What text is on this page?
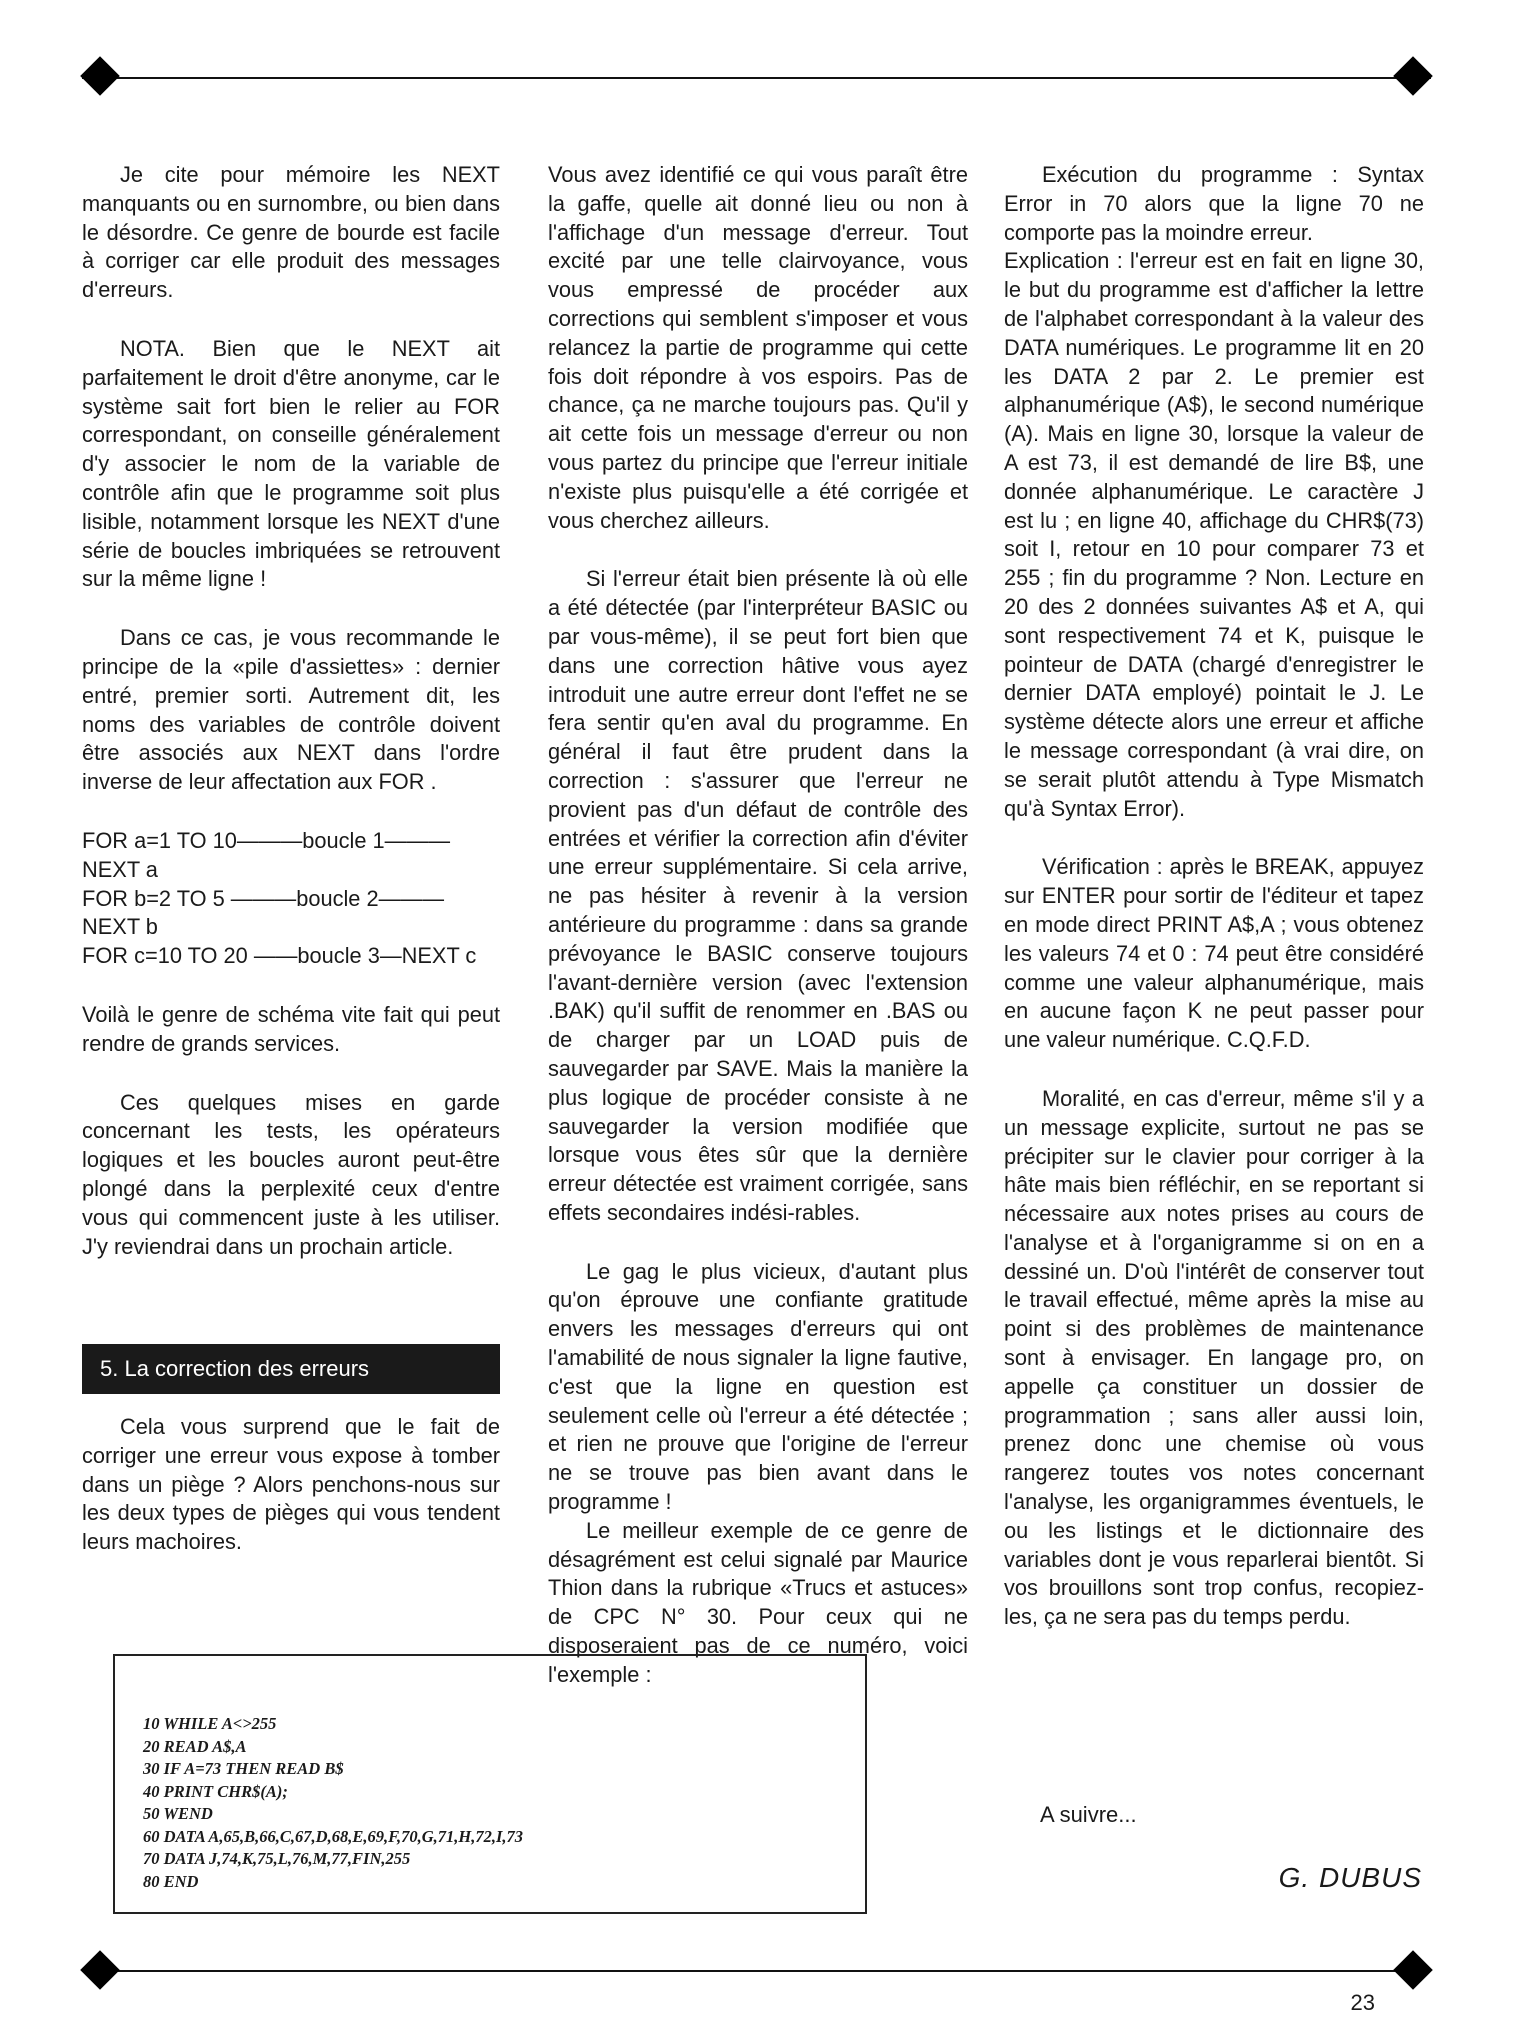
Je cite pour mémoire les NEXT manquants ou en surnombre, ou bien dans le désordre. Ce genre de bourde est facile à corriger car elle produit des messages d'erreurs.

NOTA. Bien que le NEXT ait parfaitement le droit d'être anonyme, car le système sait fort bien le relier au FOR correspondant, on conseille généralement d'y associer le nom de la variable de contrôle afin que le programme soit plus lisible, notamment lorsque les NEXT d'une série de boucles imbriquées se retrouvent sur la même ligne !

Dans ce cas, je vous recommande le principe de la «pile d'assiettes» : dernier entré, premier sorti. Autrement dit, les noms des variables de contrôle doivent être associés aux NEXT dans l'ordre inverse de leur affectation aux FOR .

FOR a=1 TO 10———boucle 1———
NEXT a
FOR b=2 TO 5 ———boucle 2———
NEXT b
FOR c=10 TO 20 ——boucle 3—NEXT c

Voilà le genre de schéma vite fait qui peut rendre de grands services.

Ces quelques mises en garde concernant les tests, les opérateurs logiques et les boucles auront peut-être plongé dans la perplexité ceux d'entre vous qui commencent juste à les utiliser. J'y reviendrai dans un prochain article.

5. La correction des erreurs

Cela vous surprend que le fait de corriger une erreur vous expose à tomber dans un piège ? Alors penchons-nous sur les deux types de pièges qui vous tendent leurs machoires.

Vous avez identifié ce qui vous paraît être la gaffe, quelle ait donné lieu ou non à l'affichage d'un message d'erreur. Tout excité par une telle clairvoyance, vous vous empressé de procéder aux corrections qui semblent s'imposer et vous relancez la partie de programme qui cette fois doit répondre à vos espoirs. Pas de chance, ça ne marche toujours pas. Qu'il y ait cette fois un message d'erreur ou non vous partez du principe que l'erreur initiale n'existe plus puisqu'elle a été corrigée et vous cherchez ailleurs.

Si l'erreur était bien présente là où elle a été détectée (par l'interpréteur BASIC ou par vous-même), il se peut fort bien que dans une correction hâtive vous ayez introduit une autre erreur dont l'effet ne se fera sentir qu'en aval du programme. En général il faut être prudent dans la correction : s'assurer que l'erreur ne provient pas d'un défaut de contrôle des entrées et vérifier la correction afin d'éviter une erreur supplémentaire. Si cela arrive, ne pas hésiter à revenir à la version antérieure du programme : dans sa grande prévoyance le BASIC conserve toujours l'avant-dernière version (avec l'extension .BAK) qu'il suffit de renommer en .BAS ou de charger par un LOAD puis de sauvegarder par SAVE. Mais la manière la plus logique de procéder consiste à ne sauvegarder la version modifiée que lorsque vous êtes sûr que la dernière erreur détectée est vraiment corrigée, sans effets secondaires indési-rables.

Le gag le plus vicieux, d'autant plus qu'on éprouve une confiante gratitude envers les messages d'erreurs qui ont l'amabilité de nous signaler la ligne fautive, c'est que la ligne en question est seulement celle où l'erreur a été détectée ; et rien ne prouve que l'origine de l'erreur ne se trouve pas bien avant dans le programme !

Le meilleur exemple de ce genre de désagrément est celui signalé par Maurice Thion dans la rubrique «Trucs et astuces» de CPC N° 30. Pour ceux qui ne disposeraient pas de ce numéro, voici l'exemple :

Exécution du programme : Syntax Error in 70 alors que la ligne 70 ne comporte pas la moindre erreur.

Explication : l'erreur est en fait en ligne 30, le but du programme est d'afficher la lettre de l'alphabet correspondant à la valeur des DATA numériques. Le programme lit en 20 les DATA 2 par 2. Le premier est alphanumérique (A$), le second numérique (A). Mais en ligne 30, lorsque la valeur de A est 73, il est demandé de lire B$, une donnée alphanumérique. Le caractère J est lu ; en ligne 40, affichage du CHR$(73) soit I, retour en 10 pour comparer 73 et 255 ; fin du programme ? Non. Lecture en 20 des 2 données suivantes A$ et A, qui sont respectivement 74 et K, puisque le pointeur de DATA (chargé d'enregistrer le dernier DATA employé) pointait le J. Le système détecte alors une erreur et affiche le message correspondant (à vrai dire, on se serait plutôt attendu à Type Mismatch qu'à Syntax Error).

Vérification : après le BREAK, appuyez sur ENTER pour sortir de l'éditeur et tapez en mode direct PRINT A$,A ; vous obtenez les valeurs 74 et 0 : 74 peut être considéré comme une valeur alphanumérique, mais en aucune façon K ne peut passer pour une valeur numérique. C.Q.F.D.

Moralité, en cas d'erreur, même s'il y a un message explicite, surtout ne pas se précipiter sur le clavier pour corriger à la hâte mais bien réfléchir, en se reportant si nécessaire aux notes prises au cours de l'analyse et à l'organigramme si on en a dessiné un. D'où l'intérêt de conserver tout le travail effectué, même après la mise au point si des problèmes de maintenance sont à envisager. En langage pro, on appelle ça constituer un dossier de programmation ; sans aller aussi loin, prenez donc une chemise où vous rangerez toutes vos notes concernant l'analyse, les organigrammes éventuels, le ou les listings et le dictionnaire des variables dont je vous reparlerai bientôt. Si vos brouillons sont trop confus, recopiez-les, ça ne sera pas du temps perdu.

A suivre...
G. DUBUS
10 WHILE A<>255
20 READ A$,A
30 IF A=73 THEN READ B$
40 PRINT CHR$(A);
50 WEND
60 DATA A,65,B,66,C,67,D,68,E,69,F,70,G,71,H,72,I,73
70 DATA J,74,K,75,L,76,M,77,FIN,255
80 END
23
